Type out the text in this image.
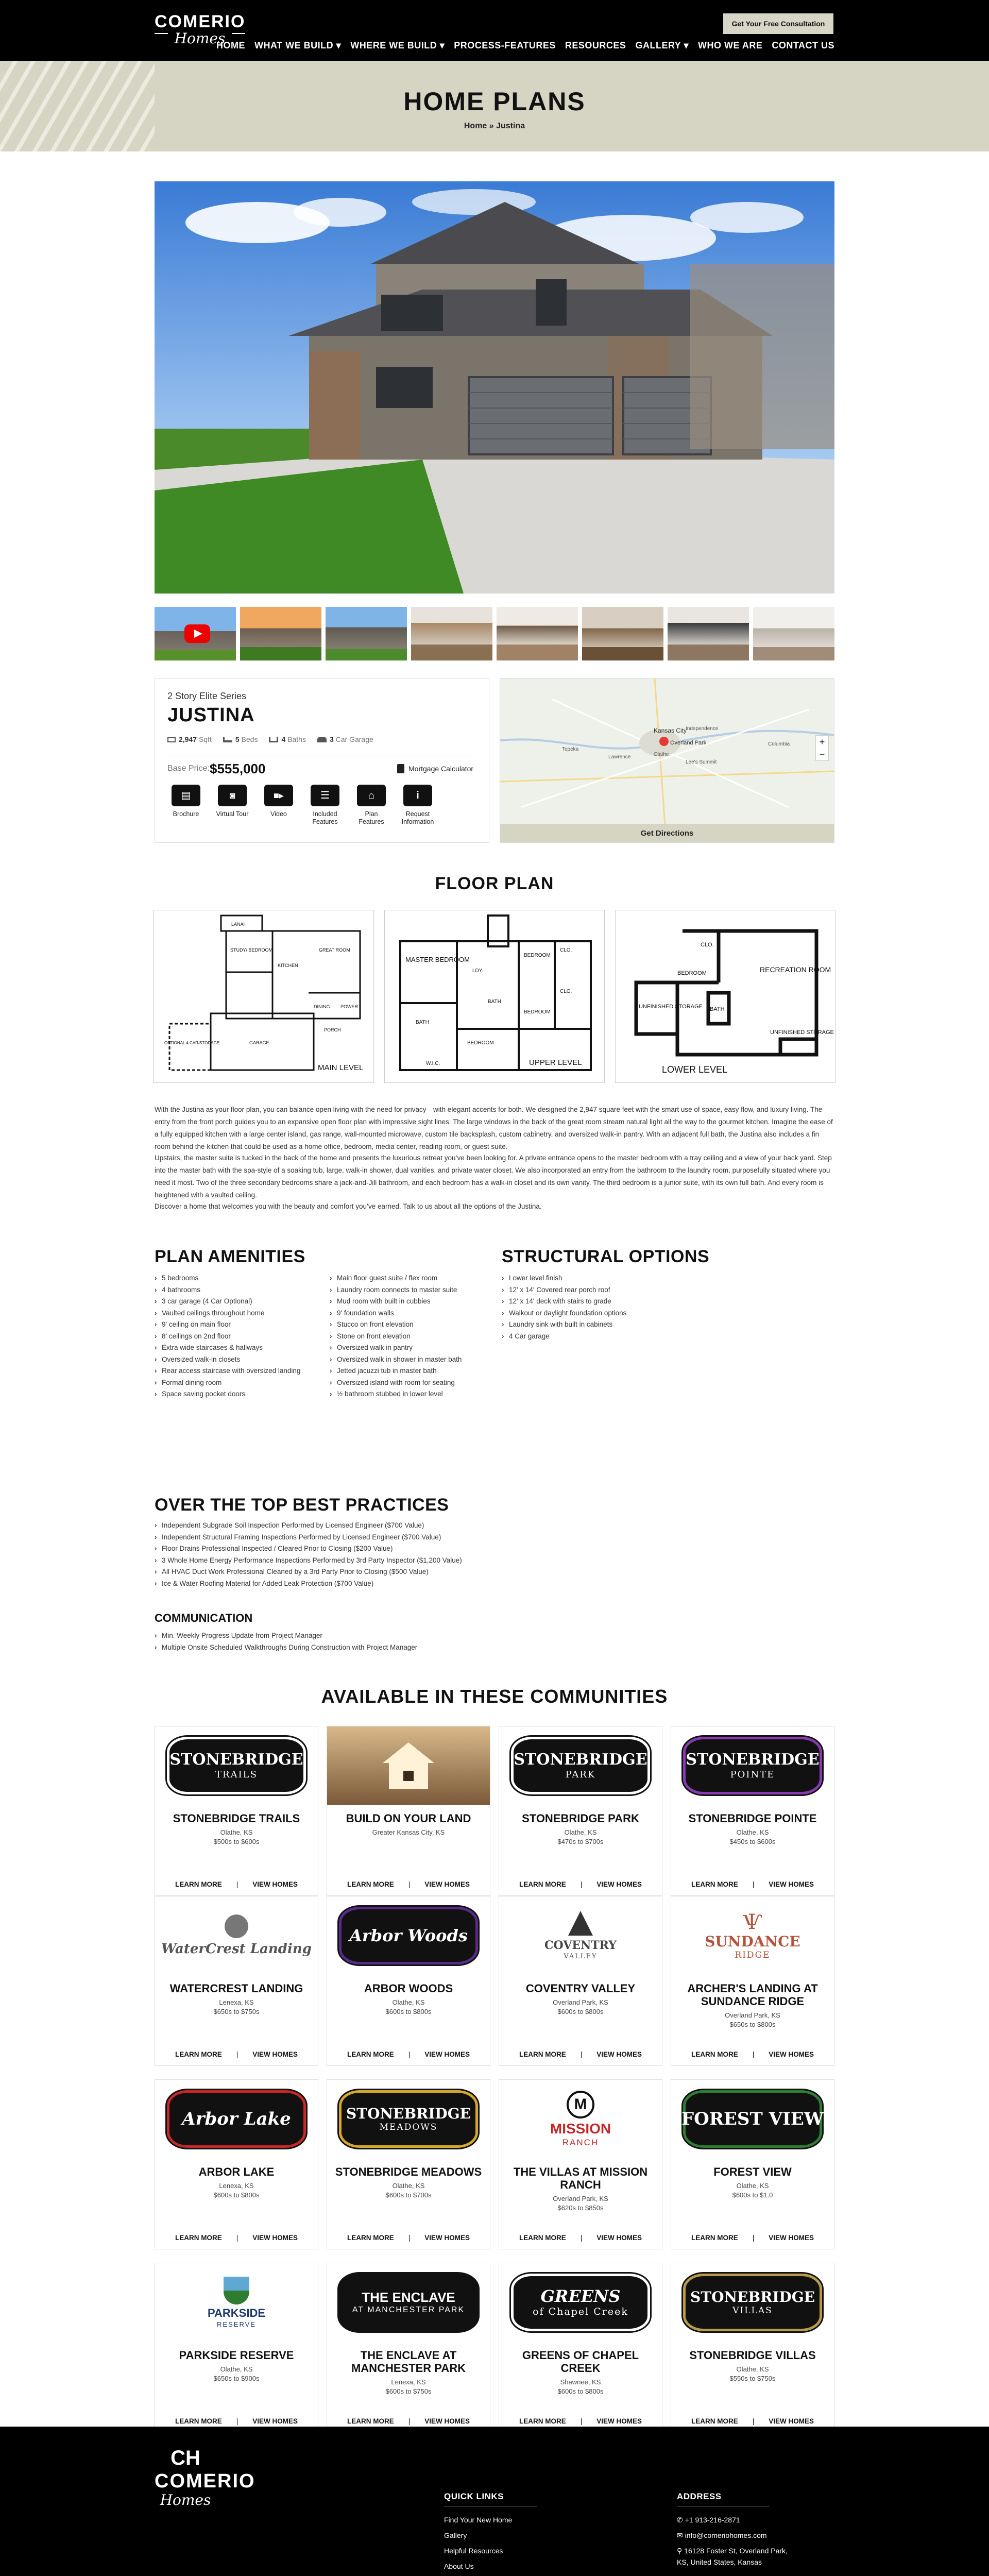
COMERIO
Homes
Get Your Free Consultation
HOME WHAT WE BUILD ▾ WHERE WE BUILD ▾ PROCESS-FEATURES RESOURCES GALLERY ▾ WHO WE ARE CONTACT US
HOME PLANS
Home » Justina
2 Story Elite Series
JUSTINA
2,947 Sqft	5 Beds	4 Baths	3 Car Garage
Base Price: $555,000	Mortgage Calculator
▤
Brochure
◙
Virtual Tour
■▸
Video
☰
Included Features
⌂
Plan Features
i
Request Information
Kansas City
Overland Park
Olathe
Lawrence
Topeka
Columbia
Independence
Lee's Summit
+
−
Get Directions
FLOOR PLAN
LANAI
STUDY/ BEDROOM	GREAT ROOM
KITCHEN
DINING POWER
PORCH
GARAGE
OPTIONAL 4 CAR/STORAGE
MAIN LEVEL
MASTER BEDROOM
BEDROOM
CLO.
LDY.
BATH
BATH
BEDROOM
BEDROOM
W.I.C.
CLO.
UPPER LEVEL
BEDROOM
CLO.
RECREATION ROOM
UNFINISHED STORAGE BATH
UNFINISHED STORAGE
LOWER LEVEL

With the Justina as your floor plan, you can balance open living with the need for privacy—with elegant accents for both. We designed the 2,947 square feet with the smart use of space, easy flow, and luxury living. The entry from the front porch guides you to an expansive open floor plan with impressive sight lines. The large windows in the back of the great room stream natural light all the way to the gourmet kitchen. Imagine the ease of a fully equipped kitchen with a large center island, gas range, wall-mounted microwave, custom tile backsplash, custom cabinetry, and oversized walk-in pantry. With an adjacent full bath, the Justina also includes a fin room behind the kitchen that could be used as a home office, bedroom, media center, reading room, or guest suite.

Upstairs, the master suite is tucked in the back of the home and presents the luxurious retreat you’ve been looking for. A private entrance opens to the master bedroom with a tray ceiling and a view of your back yard. Step into the master bath with the spa-style of a soaking tub, large, walk-in shower, dual vanities, and private water closet. We also incorporated an entry from the bathroom to the laundry room, purposefully situated where you need it most. Two of the three secondary bedrooms share a jack-and-Jill bathroom, and each bedroom has a walk-in closet and its own vanity. The third bedroom is a junior suite, with its own full bath. And every room is heightened with a vaulted ceiling.

Discover a home that welcomes you with the beauty and comfort you’ve earned. Talk to us about all the options of the Justina.

PLAN AMENITIES
› 5 bedrooms
› 4 bathrooms
› 3 car garage (4 Car Optional)
› Vaulted ceilings throughout home
› 9' ceiling on main floor
› 8' ceilings on 2nd floor
› Extra wide staircases & hallways
› Oversized walk-in closets
› Rear access staircase with oversized landing
› Formal dining room
› Space saving pocket doors
› Main floor guest suite / flex room
› Laundry room connects to master suite
› Mud room with built in cubbies
› 9' foundation walls
› Stucco on front elevation
› Stone on front elevation
› Oversized walk in pantry
› Oversized walk in shower in master bath
› Jetted jacuzzi tub in master bath
› Oversized island with room for seating
› ½ bathroom stubbed in lower level
STRUCTURAL OPTIONS
› Lower level finish
› 12' x 14' Covered rear porch roof
› 12' x 14' deck with stairs to grade
› Walkout or daylight foundation options
› Laundry sink with built in cabinets
› 4 Car garage
OVER THE TOP BEST PRACTICES
› Independent Subgrade Soil Inspection Performed by Licensed Engineer ($700 Value)
› Independent Structural Framing Inspections Performed by Licensed Engineer ($700 Value)
› Floor Drains Professional Inspected / Cleared Prior to Closing ($200 Value)
› 3 Whole Home Energy Performance Inspections Performed by 3rd Party Inspector ($1,200 Value)
› All HVAC Duct Work Professional Cleaned by a 3rd Party Prior to Closing ($500 Value)
› Ice & Water Roofing Material for Added Leak Protection ($700 Value)
COMMUNICATION
› Min. Weekly Progress Update from Project Manager
› Multiple Onsite Scheduled Walkthroughs During Construction with Project Manager
AVAILABLE IN THESE COMMUNITIES
STONEBRIDGE
TRAILS
STONEBRIDGE TRAILS
Olathe, KS
$500s to $600s
LEARN MORE | VIEW HOMES
BUILD ON YOUR LAND
Greater Kansas City, KS
LEARN MORE | VIEW HOMES
STONEBRIDGE
PARK
STONEBRIDGE PARK
Olathe, KS
$470s to $700s
LEARN MORE | VIEW HOMES
STONEBRIDGE
POINTE
STONEBRIDGE POINTE
Olathe, KS
$450s to $600s
LEARN MORE | VIEW HOMES
WaterCrest Landing
WATERCREST LANDING
Lenexa, KS
$650s to $750s
LEARN MORE | VIEW HOMES
Arbor Woods
ARBOR WOODS
Olathe, KS
$600s to $800s
LEARN MORE | VIEW HOMES
COVENTRY
VALLEY
COVENTRY VALLEY
Overland Park, KS
$600s to $800s
LEARN MORE | VIEW HOMES
Ѱ
SUNDANCE
RIDGE
ARCHER'S LANDING AT SUNDANCE RIDGE
Overland Park, KS
$650s to $800s
LEARN MORE | VIEW HOMES
Arbor Lake
ARBOR LAKE
Lenexa, KS
$600s to $800s
LEARN MORE | VIEW HOMES
STONEBRIDGE
MEADOWS
STONEBRIDGE MEADOWS
Olathe, KS
$600s to $700s
LEARN MORE | VIEW HOMES
M
MISSION
RANCH
THE VILLAS AT MISSION RANCH
Overland Park, KS
$620s to $850s
LEARN MORE | VIEW HOMES
FOREST VIEW
FOREST VIEW
Olathe, KS
$600s to $1.0
LEARN MORE | VIEW HOMES
PARKSIDE
RESERVE
PARKSIDE RESERVE
Olathe, KS
$650s to $900s
LEARN MORE | VIEW HOMES
THE ENCLAVE
AT MANCHESTER PARK
THE ENCLAVE AT MANCHESTER PARK
Lenexa, KS
$600s to $750s
LEARN MORE | VIEW HOMES
GREENS
of Chapel Creek
GREENS OF CHAPEL CREEK
Shawnee, KS
$600s to $800s
LEARN MORE | VIEW HOMES
STONEBRIDGE
VILLAS
STONEBRIDGE VILLAS
Olathe, KS
$550s to $750s
LEARN MORE | VIEW HOMES
CH
COMERIO
Homes	QUICK LINKS
Find Your New Home
Gallery
Helpful Resources
About Us
ADDRESS
✆ +1 913-216-2871
✉ info@comeriohomes.com
⚲ 16128 Foster St, Overland Park, KS, United States, Kansas
